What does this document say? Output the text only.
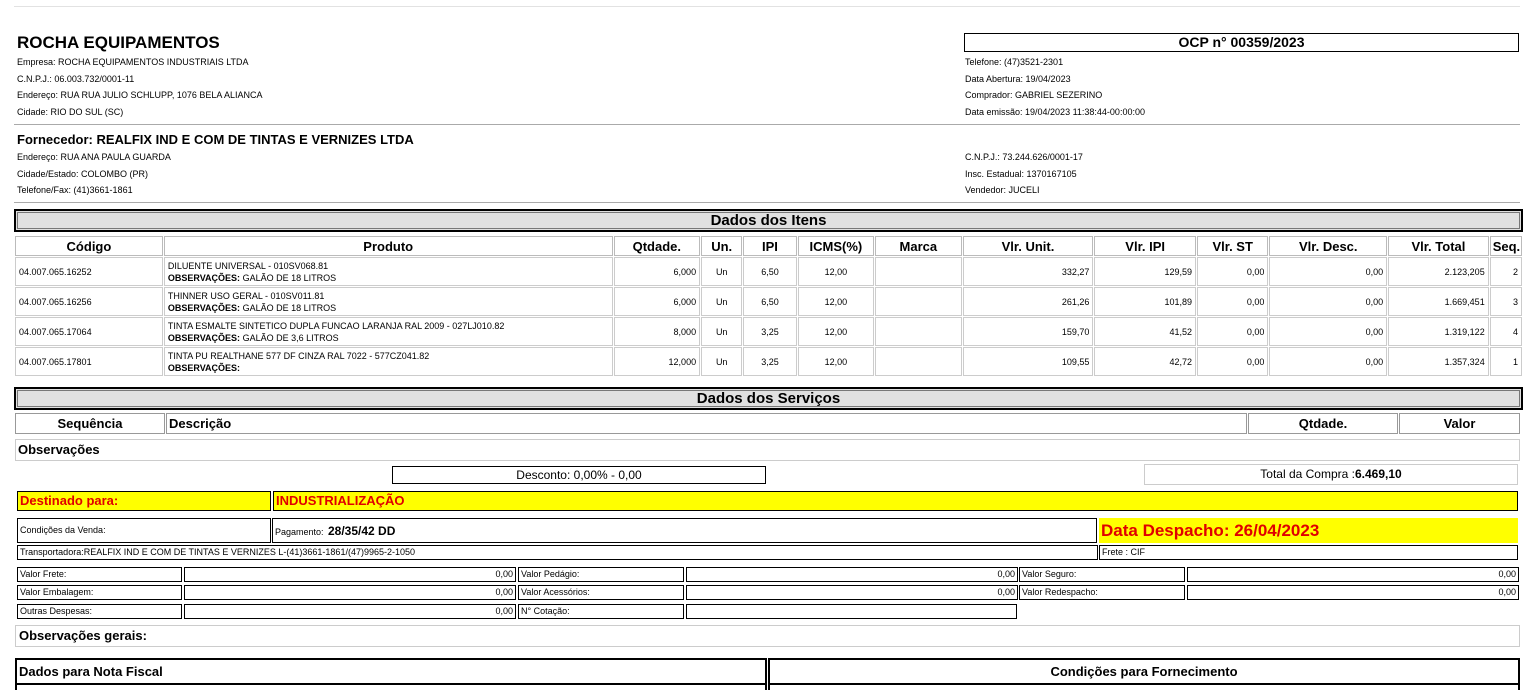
ROCHA EQUIPAMENTOS
Empresa: ROCHA EQUIPAMENTOS INDUSTRIAIS LTDA
C.N.P.J.: 06.003.732/0001-11
Endereço: RUA RUA JULIO SCHLUPP, 1076 BELA ALIANCA
Cidade: RIO DO SUL (SC)
OCP n° 00359/2023
Telefone: (47)3521-2301
Data Abertura: 19/04/2023
Comprador: GABRIEL SEZERINO
Data emissão: 19/04/2023 11:38:44-00:00:00
Fornecedor: REALFIX IND E COM DE TINTAS E VERNIZES LTDA
Endereço: RUA ANA PAULA GUARDA
Cidade/Estado: COLOMBO (PR)
Telefone/Fax: (41)3661-1861
C.N.P.J.: 73.244.626/0001-17
Insc. Estadual: 1370167105
Vendedor: JUCELI
Dados dos Itens
Código	Produto	Qtdade.	Un.	IPI	ICMS(%)	Marca	Vlr. Unit.	Vlr. IPI	Vlr. ST	Vlr. Desc.	Vlr. Total	Seq.
04.007.065.16252	DILUENTE UNIVERSAL - 010SV068.81
OBSERVAÇÕES: GALÃO DE 18 LITROS	6,000	Un	6,50	12,00		332,27	129,59	0,00	0,00	2.123,205	2
04.007.065.16256	THINNER USO GERAL - 010SV011.81
OBSERVAÇÕES: GALÃO DE 18 LITROS	6,000	Un	6,50	12,00		261,26	101,89	0,00	0,00	1.669,451	3
04.007.065.17064	TINTA ESMALTE SINTETICO DUPLA FUNCAO LARANJA RAL 2009 - 027LJ010.82
OBSERVAÇÕES: GALÃO DE 3,6 LITROS	8,000	Un	3,25	12,00		159,70	41,52	0,00	0,00	1.319,122	4
04.007.065.17801	TINTA PU REALTHANE 577 DF CINZA RAL 7022 - 577CZ041.82
OBSERVAÇÕES:	12,000	Un	3,25	12,00		109,55	42,72	0,00	0,00	1.357,324	1
Dados dos Serviços
Sequência	Descrição	Qtdade.	Valor
Observações
Desconto: 0,00% - 0,00	Total da Compra :6.469,10
Destinado para:	INDUSTRIALIZAÇÃO
Condições da Venda:	Pagamento: 28/35/42 DD	Data Despacho: 26/04/2023
Transportadora:REALFIX IND E COM DE TINTAS E VERNIZES L-(41)3661-1861/(47)9965-2-1050	Frete : CIF
Valor Frete:	0,00 Valor Pedágio:	0,00 Valor Seguro:	0,00
Valor Embalagem:	0,00 Valor Acessórios:	0,00 Valor Redespacho:	0,00
Outras Despesas:	0,00 N° Cotação:
Observações gerais:
Dados para Nota Fiscal	Condições para Fornecimento
